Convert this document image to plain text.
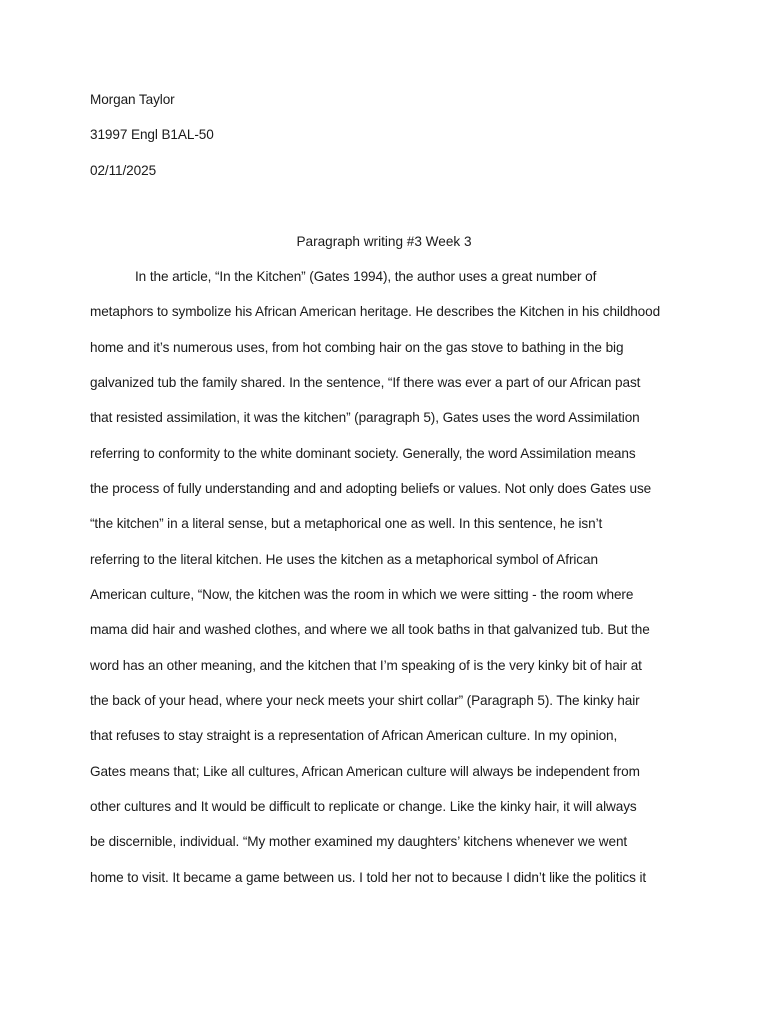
Morgan Taylor
31997 Engl B1AL-50
02/11/2025
Paragraph writing #3 Week 3
In the article, “In the Kitchen” (Gates 1994), the author uses a great number of
metaphors to symbolize his African American heritage. He describes the Kitchen in his childhood
home and it’s numerous uses, from hot combing hair on the gas stove to bathing in the big
galvanized tub the family shared. In the sentence, “If there was ever a part of our African past
that resisted assimilation, it was the kitchen” (paragraph 5), Gates uses the word Assimilation
referring to conformity to the white dominant society. Generally, the word Assimilation means
the process of fully understanding and and adopting beliefs or values. Not only does Gates use
“the kitchen” in a literal sense, but a metaphorical one as well. In this sentence, he isn’t
referring to the literal kitchen. He uses the kitchen as a metaphorical symbol of African
American culture, “Now, the kitchen was the room in which we were sitting - the room where
mama did hair and washed clothes, and where we all took baths in that galvanized tub. But the
word has an other meaning, and the kitchen that I’m speaking of is the very kinky bit of hair at
the back of your head, where your neck meets your shirt collar” (Paragraph 5). The kinky hair
that refuses to stay straight is a representation of African American culture. In my opinion,
Gates means that; Like all cultures, African American culture will always be independent from
other cultures and It would be difficult to replicate or change. Like the kinky hair, it will always
be discernible, individual. “My mother examined my daughters’ kitchens whenever we went
home to visit. It became a game between us. I told her not to because I didn’t like the politics it
